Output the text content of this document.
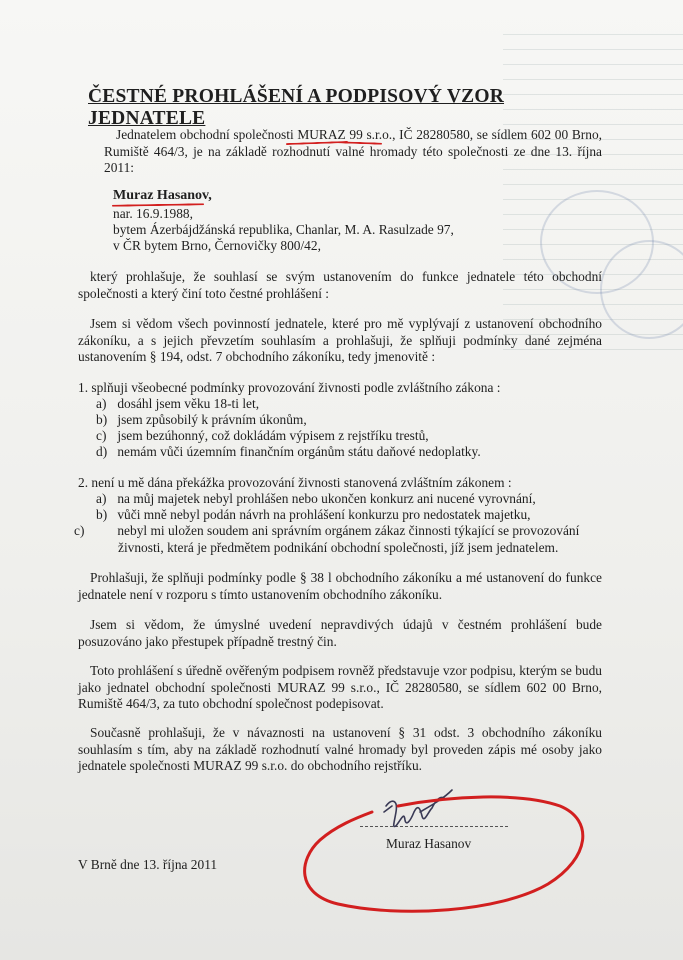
ČESTNÉ PROHLÁŠENÍ A PODPISOVÝ VZOR JEDNATELE
Jednatelem obchodní společnosti MURAZ 99 s.r.o., IČ 28280580, se sídlem 602 00 Brno, Rumiště 464/3, je na základě rozhodnutí valné hromady této společnosti ze dne 13. října 2011:
Muraz Hasanov,
nar. 16.9.1988,
bytem Ázerbájdžánská republika, Chanlar, M. A. Rasulzade 97,
v ČR bytem Brno, Černovičky 800/42,
který prohlašuje, že souhlasí se svým ustanovením do funkce jednatele této obchodní společnosti a který činí toto čestné prohlášení :
Jsem si vědom všech povinností jednatele, které pro mě vyplývají z ustanovení obchodního zákoníku, a s jejich převzetím souhlasím a prohlašuji, že splňuji podmínky dané zejména ustanovením § 194, odst. 7 obchodního zákoníku, tedy jmenovitě :
1. splňuji všeobecné podmínky provozování živnosti podle zvláštního zákona :
a) dosáhl jsem věku 18-ti let,
b) jsem způsobilý k právním úkonům,
c) jsem bezúhonný, což dokládám výpisem z rejstříku trestů,
d) nemám vůči územním finančním orgánům státu daňové nedoplatky.
2. není u mě dána překážka provozování živnosti stanovená zvláštním zákonem :
a) na můj majetek nebyl prohlášen nebo ukončen konkurz ani nucené vyrovnání,
b) vůči mně nebyl podán návrh na prohlášení konkurzu pro nedostatek majetku,
c) nebyl mi uložen soudem ani správním orgánem zákaz činnosti týkající se provozování živnosti, která je předmětem podnikání obchodní společnosti, jíž jsem jednatelem.
Prohlašuji, že splňuji podmínky podle § 38 l obchodního zákoníku a mé ustanovení do funkce jednatele není v rozporu s tímto ustanovením obchodního zákoníku.
Jsem si vědom, že úmyslné uvedení nepravdivých údajů v čestném prohlášení bude posuzováno jako přestupek případně trestný čin.
Toto prohlášení s úředně ověřeným podpisem rovněž představuje vzor podpisu, kterým se budu jako jednatel obchodní společnosti MURAZ 99 s.r.o., IČ 28280580, se sídlem 602 00 Brno, Rumiště 464/3, za tuto obchodní společnost podepisovat.
Současně prohlašuji, že v návaznosti na ustanovení § 31 odst. 3 obchodního zákoníku souhlasím s tím, aby na základě rozhodnutí valné hromady byl proveden zápis mé osoby jako jednatele společnosti MURAZ 99 s.r.o. do obchodního rejstříku.
V Brně dne 13. října 2011
Muraz Hasanov
